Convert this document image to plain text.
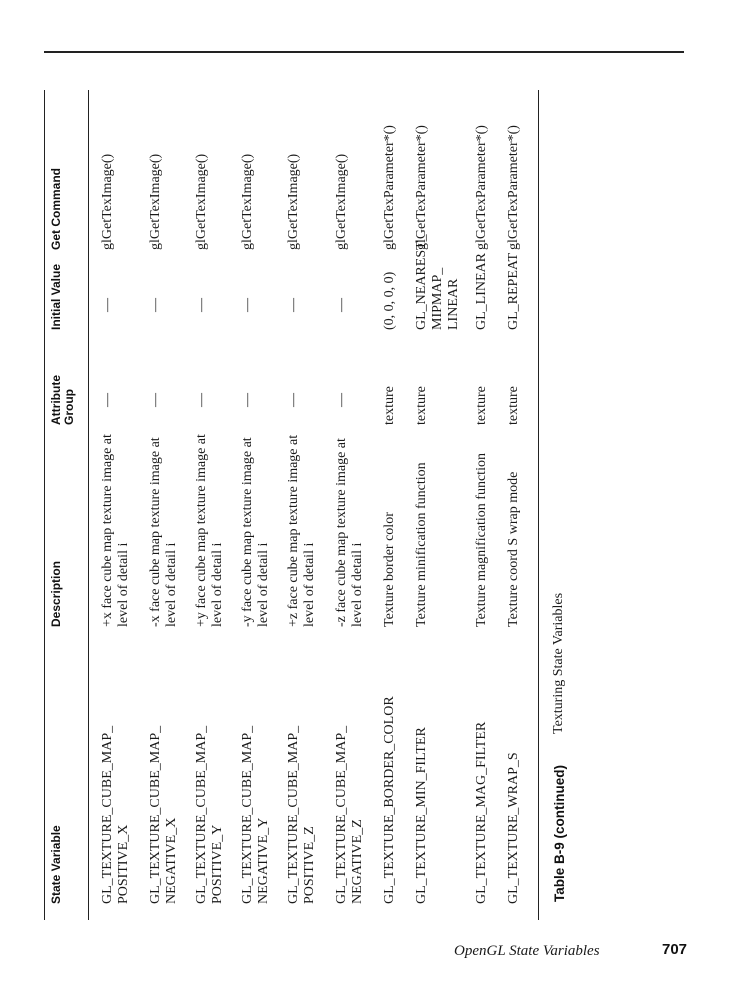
State Variable
Description
Attribute
Group
Initial Value
Get Command
GL_TEXTURE_CUBE_MAP_
POSITIVE_X
+x face cube map texture image at
level of detail i
—
—
glGetTexImage()
GL_TEXTURE_CUBE_MAP_
NEGATIVE_X
-x face cube map texture image at
level of detail i
—
—
glGetTexImage()
GL_TEXTURE_CUBE_MAP_
POSITIVE_Y
+y face cube map texture image at
level of detail i
—
—
glGetTexImage()
GL_TEXTURE_CUBE_MAP_
NEGATIVE_Y
-y face cube map texture image at
level of detail i
—
—
glGetTexImage()
GL_TEXTURE_CUBE_MAP_
POSITIVE_Z
+z face cube map texture image at
level of detail i
—
—
glGetTexImage()
GL_TEXTURE_CUBE_MAP_
NEGATIVE_Z
-z face cube map texture image at
level of detail i
—
—
glGetTexImage()
GL_TEXTURE_BORDER_COLOR
Texture border color
texture
(0, 0, 0, 0)
glGetTexParameter*()
GL_TEXTURE_MIN_FILTER
Texture minification function
texture
GL_NEAREST_
MIPMAP_
LINEAR
glGetTexParameter*()
GL_TEXTURE_MAG_FILTER
Texture magnification function
texture
GL_LINEAR
glGetTexParameter*()
GL_TEXTURE_WRAP_S
Texture coord S wrap mode
texture
GL_REPEAT
glGetTexParameter*()
Table B-9 (continued)
Texturing State Variables
OpenGL State Variables	707
